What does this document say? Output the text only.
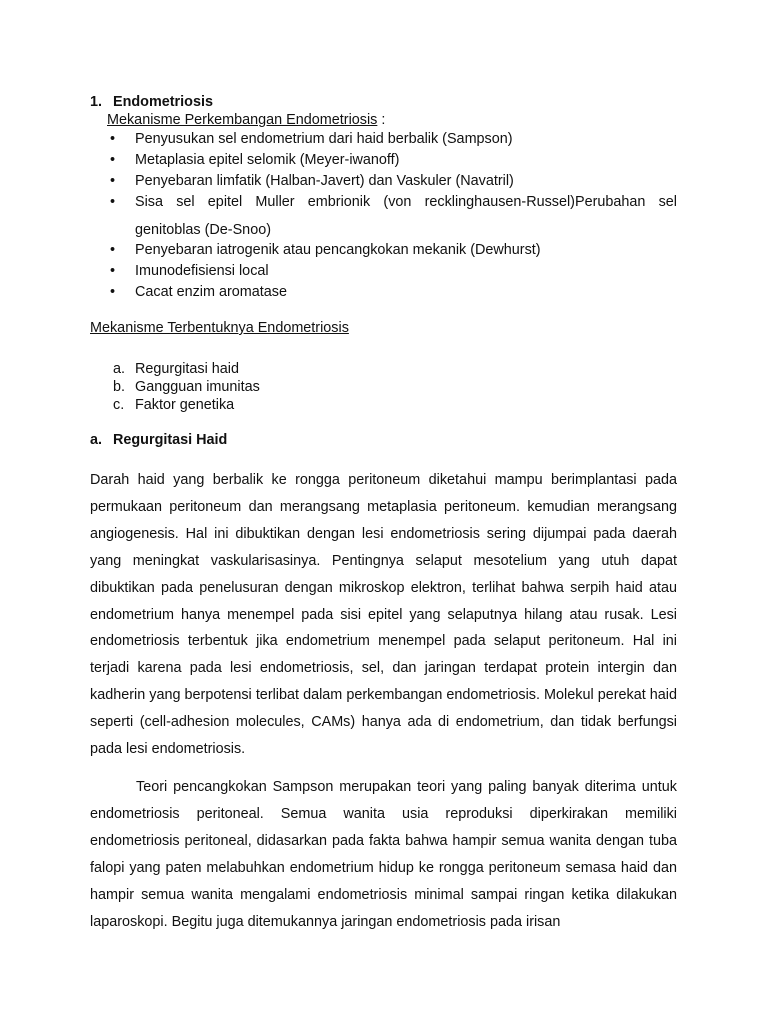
1. Endometriosis
Mekanisme Perkembangan Endometriosis :
• Penyusukan sel endometrium dari haid berbalik (Sampson)
• Metaplasia epitel selomik (Meyer-iwanoff)
• Penyebaran limfatik (Halban-Javert) dan Vaskuler (Navatril)
• Sisa sel epitel Muller embrionik (von recklinghausen-Russel)Perubahan sel genitoblas (De-Snoo)
• Penyebaran iatrogenik atau pencangkokan mekanik (Dewhurst)
• Imunodefisiensi local
• Cacat enzim aromatase
Mekanisme Terbentuknya Endometriosis
a. Regurgitasi haid
b. Gangguan imunitas
c. Faktor genetika
a. Regurgitasi Haid

Darah haid yang berbalik ke rongga peritoneum diketahui mampu berimplantasi pada permukaan peritoneum dan merangsang metaplasia peritoneum. kemudian merangsang angiogenesis. Hal ini dibuktikan dengan lesi endometriosis sering dijumpai pada daerah yang meningkat vaskularisasinya. Pentingnya selaput mesotelium yang utuh dapat dibuktikan pada penelusuran dengan mikroskop elektron, terlihat bahwa serpih haid atau endometrium hanya menempel pada sisi epitel yang selaputnya hilang atau rusak. Lesi endometriosis terbentuk jika endometrium menempel pada selaput peritoneum. Hal ini terjadi karena pada lesi endometriosis, sel, dan jaringan terdapat protein intergin dan kadherin yang berpotensi terlibat dalam perkembangan endometriosis. Molekul perekat haid seperti (cell-adhesion molecules, CAMs) hanya ada di endometrium, dan tidak berfungsi pada lesi endometriosis.

Teori pencangkokan Sampson merupakan teori yang paling banyak diterima untuk endometriosis peritoneal. Semua wanita usia reproduksi diperkirakan memiliki endometriosis peritoneal, didasarkan pada fakta bahwa hampir semua wanita dengan tuba falopi yang paten melabuhkan endometrium hidup ke rongga peritoneum semasa haid dan hampir semua wanita mengalami endometriosis minimal sampai ringan ketika dilakukan laparoskopi. Begitu juga ditemukannya jaringan endometriosis pada irisan
